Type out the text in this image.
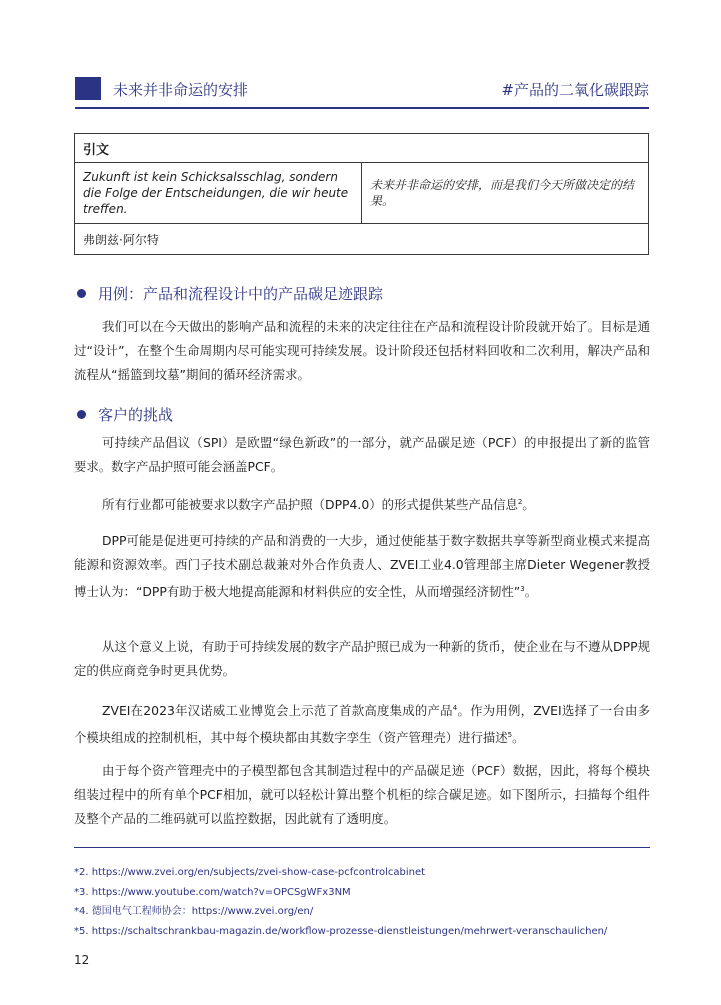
未来并非命运的安排	#产品的二氧化碳跟踪
引文
Zukunft ist kein Schicksalsschlag, sondern die Folge der Entscheidungen, die wir heute treffen.	未来并非命运的安排，而是我们今天所做决定的结果。
弗朗兹·阿尔特
用例：产品和流程设计中的产品碳足迹跟踪

我们可以在今天做出的影响产品和流程的未来的决定往往在产品和流程设计阶段就开始了。目标是通过“设计”，在整个生命周期内尽可能实现可持续发展。设计阶段还包括材料回收和二次利用，解决产品和流程从“摇篮到坟墓”期间的循环经济需求。

客户的挑战

可持续产品倡议（SPI）是欧盟“绿色新政”的一部分，就产品碳足迹（PCF）的申报提出了新的监管要求。数字产品护照可能会涵盖PCF。

所有行业都可能被要求以数字产品护照（DPP4.0）的形式提供某些产品信息$^2$。

DPP可能是促进更可持续的产品和消费的一大步，通过使能基于数字数据共享等新型商业模式来提高能源和资源效率。西门子技术副总裁兼对外合作负责人、ZVEI工业4.0管理部主席Dieter Wegener教授博士认为：“DPP有助于极大地提高能源和材料供应的安全性，从而增强经济韧性”$^3$。

从这个意义上说，有助于可持续发展的数字产品护照已成为一种新的货币，使企业在与不遵从DPP规定的供应商竞争时更具优势。

ZVEI在2023年汉诺威工业博览会上示范了首款高度集成的产品$^4$。作为用例，ZVEI选择了一台由多个模块组成的控制机柜，其中每个模块都由其数字孪生（资产管理壳）进行描述$^5$。

由于每个资产管理壳中的子模型都包含其制造过程中的产品碳足迹（PCF）数据，因此，将每个模块组装过程中的所有单个PCF相加，就可以轻松计算出整个机柜的综合碳足迹。如下图所示，扫描每个组件及整个产品的二维码就可以监控数据，因此就有了透明度。

*2. https://www.zvei.org/en/subjects/zvei-show-case-pcfcontrolcabinet
*3. https://www.youtube.com/watch?v=OPCSgWFx3NM
*4. 德国电气工程师协会：https://www.zvei.org/en/
*5. https://schaltschrankbau-magazin.de/workflow-prozesse-dienstleistungen/mehrwert-veranschaulichen/
12
